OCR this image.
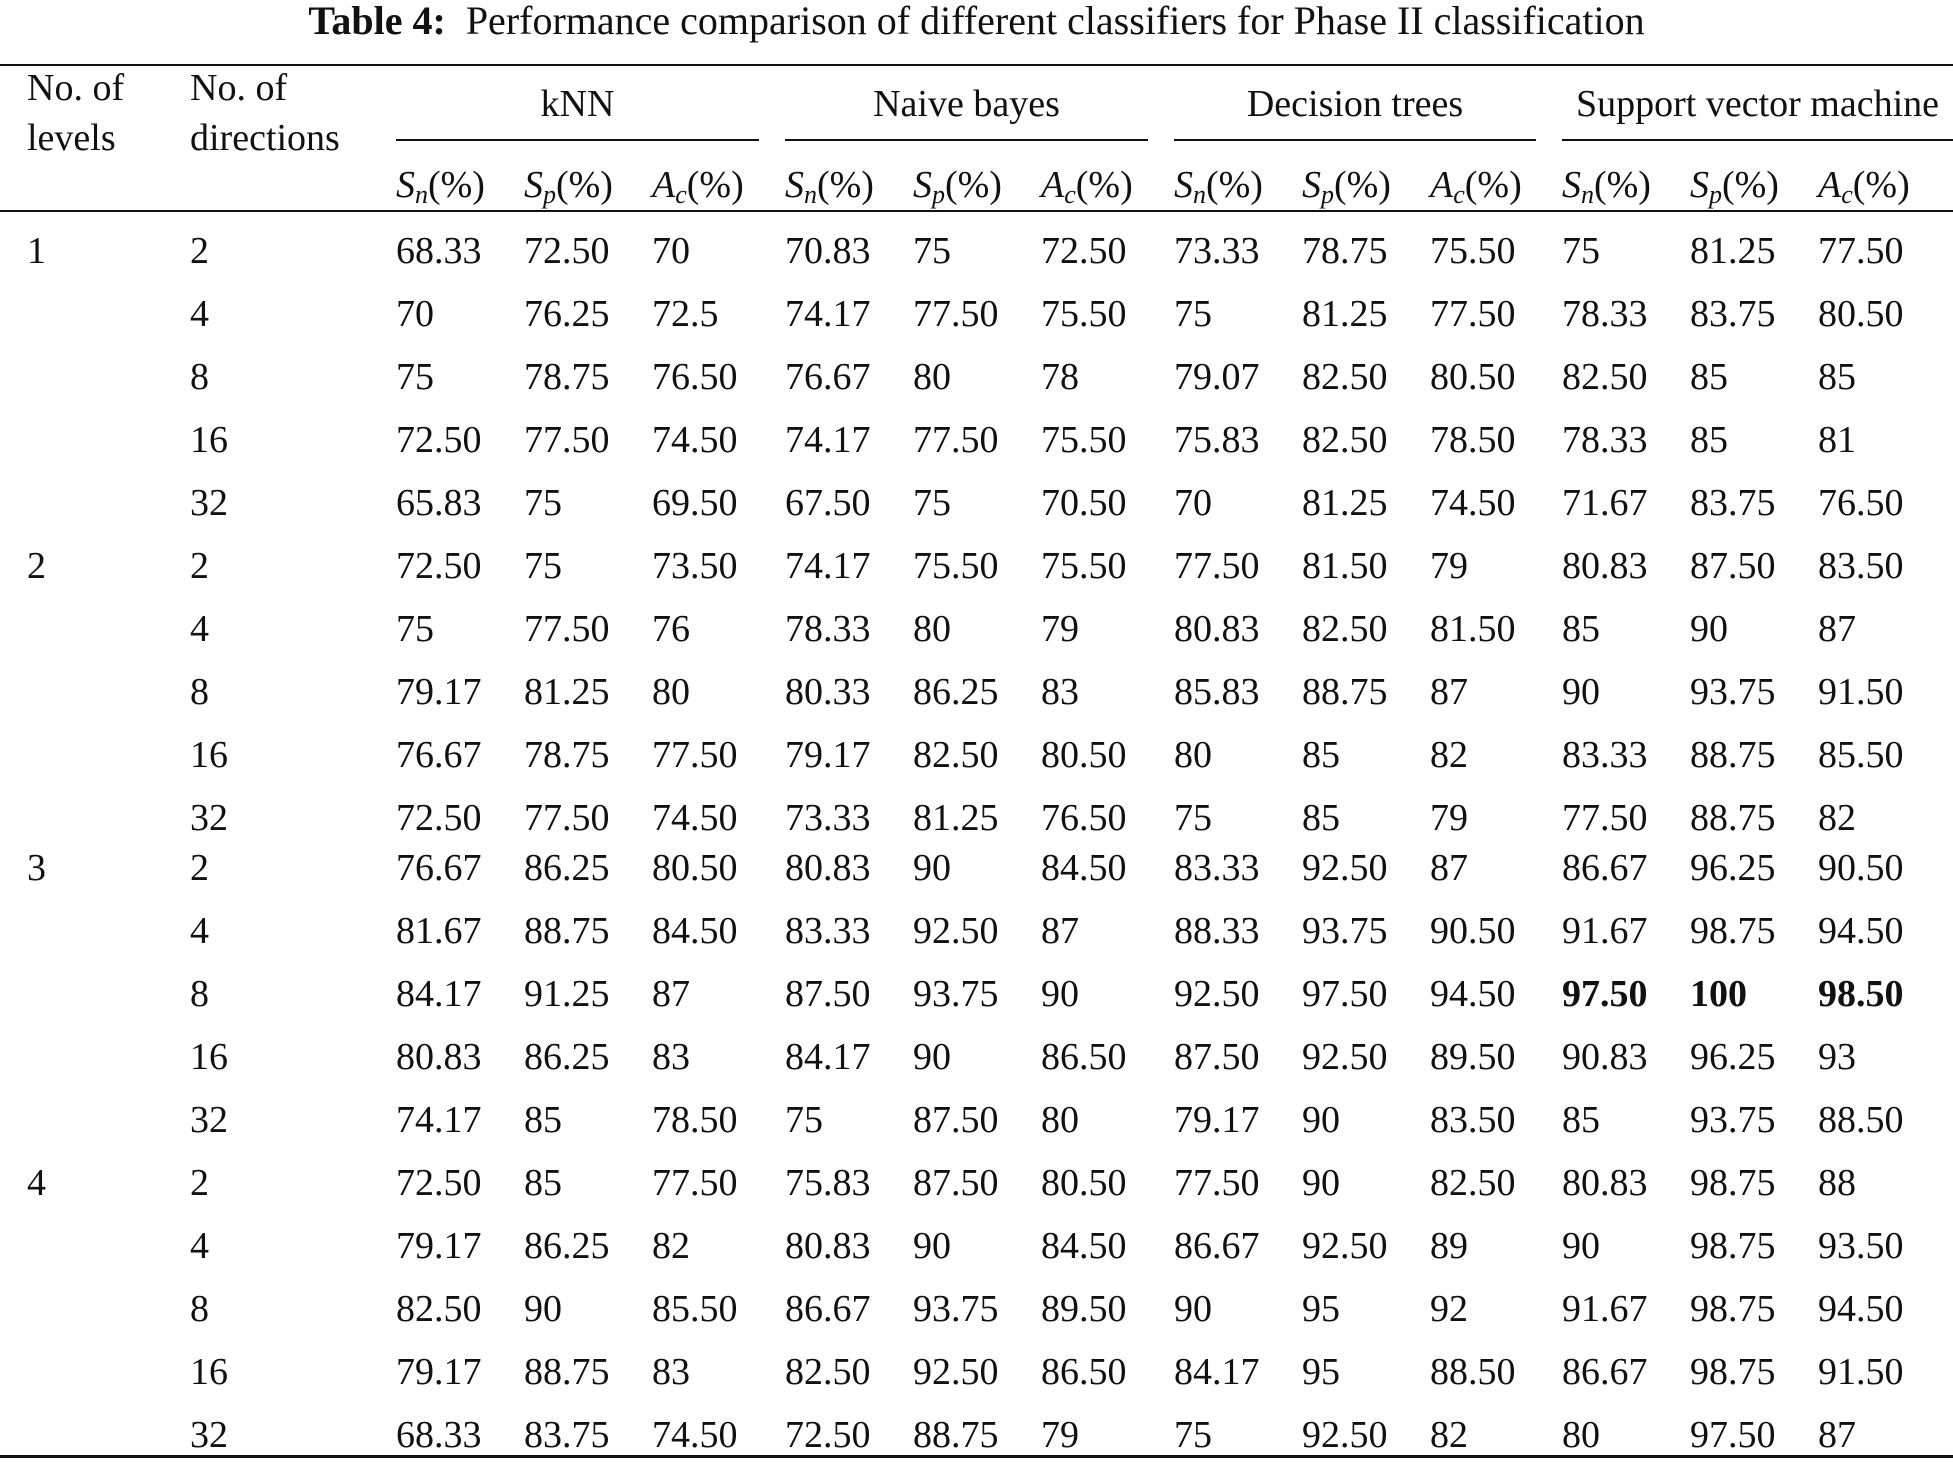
Table 4: Performance comparison of different classifiers for Phase II classification
No. of
levels
No. of
directions
kNN	Naive bayes	Decision trees	Support vector machine
$S_n(\%)$ $S_p(\%)$ $A_c(\%)$ $S_n(\%)$ $S_p(\%)$ $A_c(\%)$ $S_n(\%)$ $S_p(\%)$ $A_c(\%)$ $S_n(\%)$ $S_p(\%)$ $A_c(\%)$
1	2	68.33 72.50 70	70.83 75 72.50 73.33 78.75 75.50 75 81.25 77.50
4	70 76.25 72.5 74.17 77.50 75.50 75 81.25 77.50 78.33 83.75 80.50
8	75 78.75 76.50 76.67 80 78	79.07 82.50 80.50 82.50 85 85
16	72.50 77.50 74.50 74.17 77.50 75.50 75.83 82.50 78.50 78.33 85 81
32	65.83 75 69.50 67.50 75 70.50 70 81.25 74.50 71.67 83.75 76.50
2	2	72.50 75 73.50 74.17 75.50 75.50 77.50 81.50 79 80.83 87.50 83.50
4	75 77.50 76	78.33 80 79	80.83 82.50 81.50 85 90 87
8	79.17 81.25 80	80.33 86.25 83	85.83 88.75 87 90 93.75 91.50
16	76.67 78.75 77.50 79.17 82.50 80.50 80 85 82 83.33 88.75 85.50
32	72.50 77.50 74.50 73.33 81.25 76.50 75 85 79 77.50 88.75 82
3	2	76.67 86.25 80.50 80.83 90 84.50 83.33 92.50 87 86.67 96.25 90.50
4	81.67 88.75 84.50 83.33 92.50 87	88.33 93.75 90.50 91.67 98.75 94.50
8	84.17 91.25 87	87.50 93.75 90	92.50 97.50 94.50 97.50 100 98.50
16	80.83 86.25 83	84.17 90 86.50 87.50 92.50 89.50 90.83 96.25 93
32	74.17 85 78.50 75 87.50 80	79.17 90 83.50 85 93.75 88.50
4	2	72.50 85 77.50 75.83 87.50 80.50 77.50 90 82.50 80.83 98.75 88
4	79.17 86.25 82	80.83 90 84.50 86.67 92.50 89 90 98.75 93.50
8	82.50 90 85.50 86.67 93.75 89.50 90 95 92 91.67 98.75 94.50
16	79.17 88.75 83	82.50 92.50 86.50 84.17 95 88.50 86.67 98.75 91.50
32	68.33 83.75 74.50 72.50 88.75 79	75 92.50 82 80 97.50 87
